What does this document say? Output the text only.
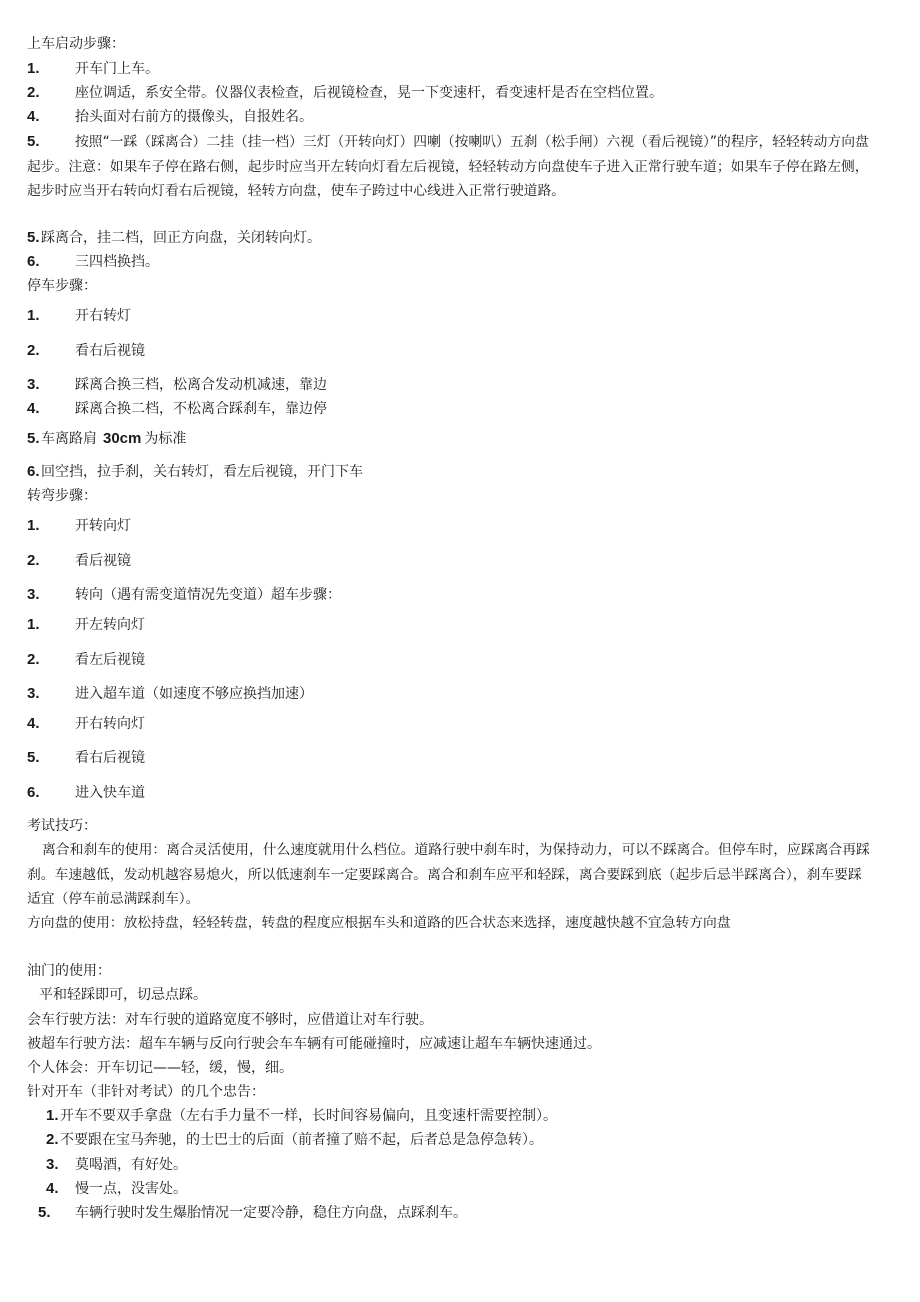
上车启动步骤：
1.	开车门上车。
2.	座位调适，系安全带。仪器仪表检查，后视镜检查，晃一下变速杆，看变速杆是否在空档位置。
4.	抬头面对右前方的摄像头，自报姓名。
5.	按照“一踩（踩离合）二挂（挂一档）三灯（开转向灯）四喇（按喇叭）五刹（松手闸）六视（看后视镜）”的程序，轻轻转动方向盘起步。注意：如果车子停在路右侧，起步时应当开左转向灯看左后视镜，轻轻转动方向盘使车子进入正常行驶车道；如果车子停在路左侧，起步时应当开右转向灯看右后视镜，轻转方向盘，使车子跨过中心线进入正常行驶道路。
5. 踩离合，挂二档，回正方向盘，关闭转向灯。
6.	三四档换挡。
停车步骤：
1.	开右转灯
2.	看右后视镜
3.	踩离合换三档，松离合发动机减速，靠边
4.	踩离合换二档，不松离合踩刹车，靠边停
5. 车离路肩 30cm 为标准
6. 回空挡，拉手刹，关右转灯，看左后视镜，开门下车
转弯步骤：
1.	开转向灯
2.	看后视镜
3.	转向（遇有需变道情况先变道）超车步骤：
1.	开左转向灯
2.	看左后视镜
3.	进入超车道（如速度不够应换挡加速）
4.	开右转向灯
5.	看右后视镜
6.	进入快车道
考试技巧：
离合和刹车的使用：离合灵活使用，什么速度就用什么档位。道路行驶中刹车时，为保持动力，可以不踩离合。但停车时，应踩离合再踩刹。车速越低，发动机越容易熄火，所以低速刹车一定要踩离合。离合和刹车应平和轻踩，离合要踩到底（起步后忌半踩离合），刹车要踩适宜（停车前忌满踩刹车）。
方向盘的使用：放松持盘，轻轻转盘，转盘的程度应根据车头和道路的匹合状态来选择，速度越快越不宜急转方向盘
油门的使用：
平和轻踩即可，切忌点踩。
会车行驶方法：对车行驶的道路宽度不够时，应借道让对车行驶。
被超车行驶方法：超车车辆与反向行驶会车车辆有可能碰撞时，应减速让超车车辆快速通过。
个人体会：开车切记——轻，缓，慢，细。
针对开车（非针对考试）的几个忠告：
1. 开车不要双手拿盘（左右手力量不一样，长时间容易偏向，且变速杆需要控制）。
2. 不要跟在宝马奔驰，的士巴士的后面（前者撞了赔不起，后者总是急停急转）。
3. 莫喝酒，有好处。
4. 慢一点，没害处。
5. 车辆行驶时发生爆胎情况一定要冷静，稳住方向盘，点踩刹车。
